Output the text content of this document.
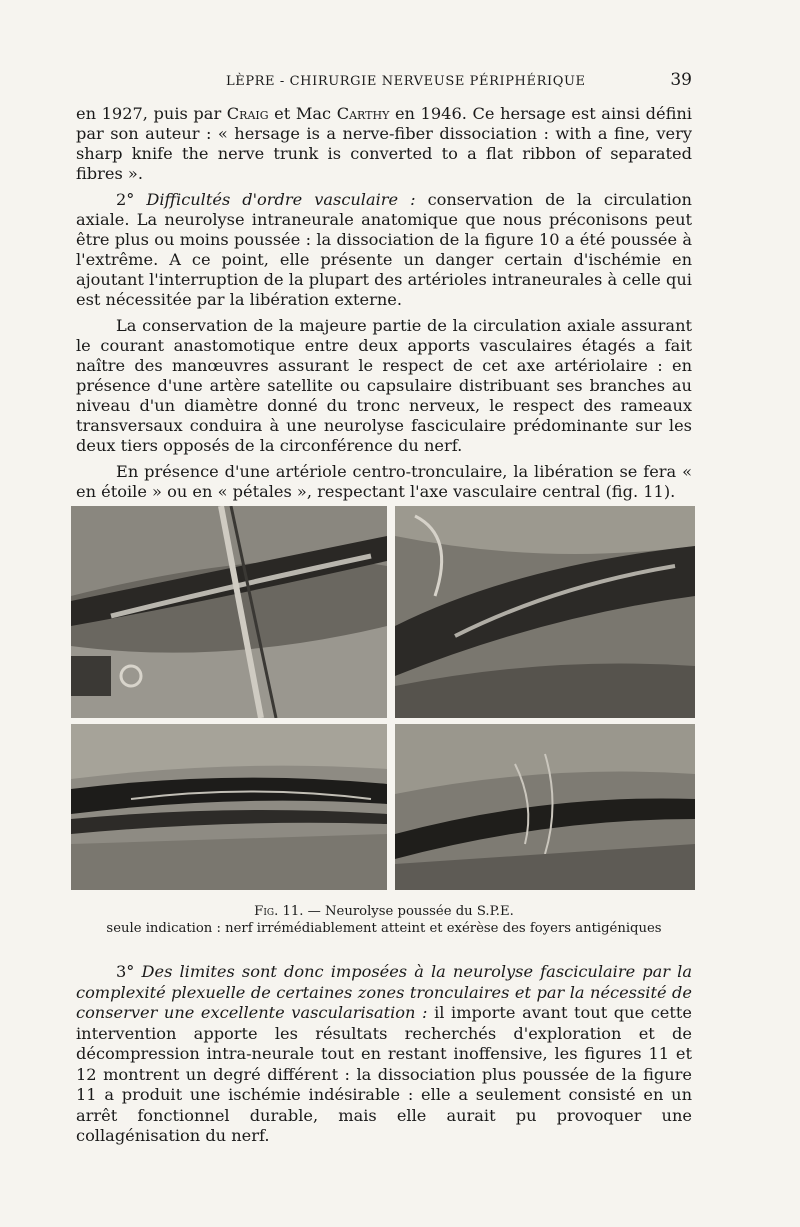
LÈPRE - CHIRURGIE NERVEUSE PÉRIPHÉRIQUE	39

en 1927, puis par Craig et Mac Carthy en 1946. Ce hersage est ainsi défini par son auteur : « hersage is a nerve-fiber dissociation : with a fine, very sharp knife the nerve trunk is converted to a flat ribbon of separated fibres ».

2° Difficultés d'ordre vasculaire : conservation de la circulation axiale. La neurolyse intraneurale anatomique que nous préconisons peut être plus ou moins poussée : la dissociation de la figure 10 a été poussée à l'extrême. A ce point, elle présente un danger certain d'ischémie en ajoutant l'interruption de la plupart des artérioles intraneurales à celle qui est nécessitée par la libération externe.

La conservation de la majeure partie de la circulation axiale assurant le courant anastomotique entre deux apports vasculaires étagés a fait naître des manœuvres assurant le respect de cet axe artériolaire : en présence d'une artère satellite ou capsulaire distribuant ses branches au niveau d'un diamètre donné du tronc nerveux, le respect des rameaux transversaux conduira à une neurolyse fasciculaire prédominante sur les deux tiers opposés de la circonférence du nerf.

En présence d'une artériole centro-tronculaire, la libération se fera « en étoile » ou en « pétales », respectant l'axe vasculaire central (fig. 11).

Fig. 11. — Neurolyse poussée du S.P.E.
seule indication : nerf irrémédiablement atteint et exérèse des foyers antigéniques

3° Des limites sont donc imposées à la neurolyse fasciculaire par la complexité plexuelle de certaines zones tronculaires et par la nécessité de conserver une excellente vascularisation : il importe avant tout que cette intervention apporte les résultats recherchés d'exploration et de décompression intra-neurale tout en restant inoffensive, les figures 11 et 12 montrent un degré différent : la dissociation plus poussée de la figure 11 a produit une ischémie indésirable : elle a seulement consisté en un arrêt fonctionnel durable, mais elle aurait pu provoquer une collagénisation du nerf.
